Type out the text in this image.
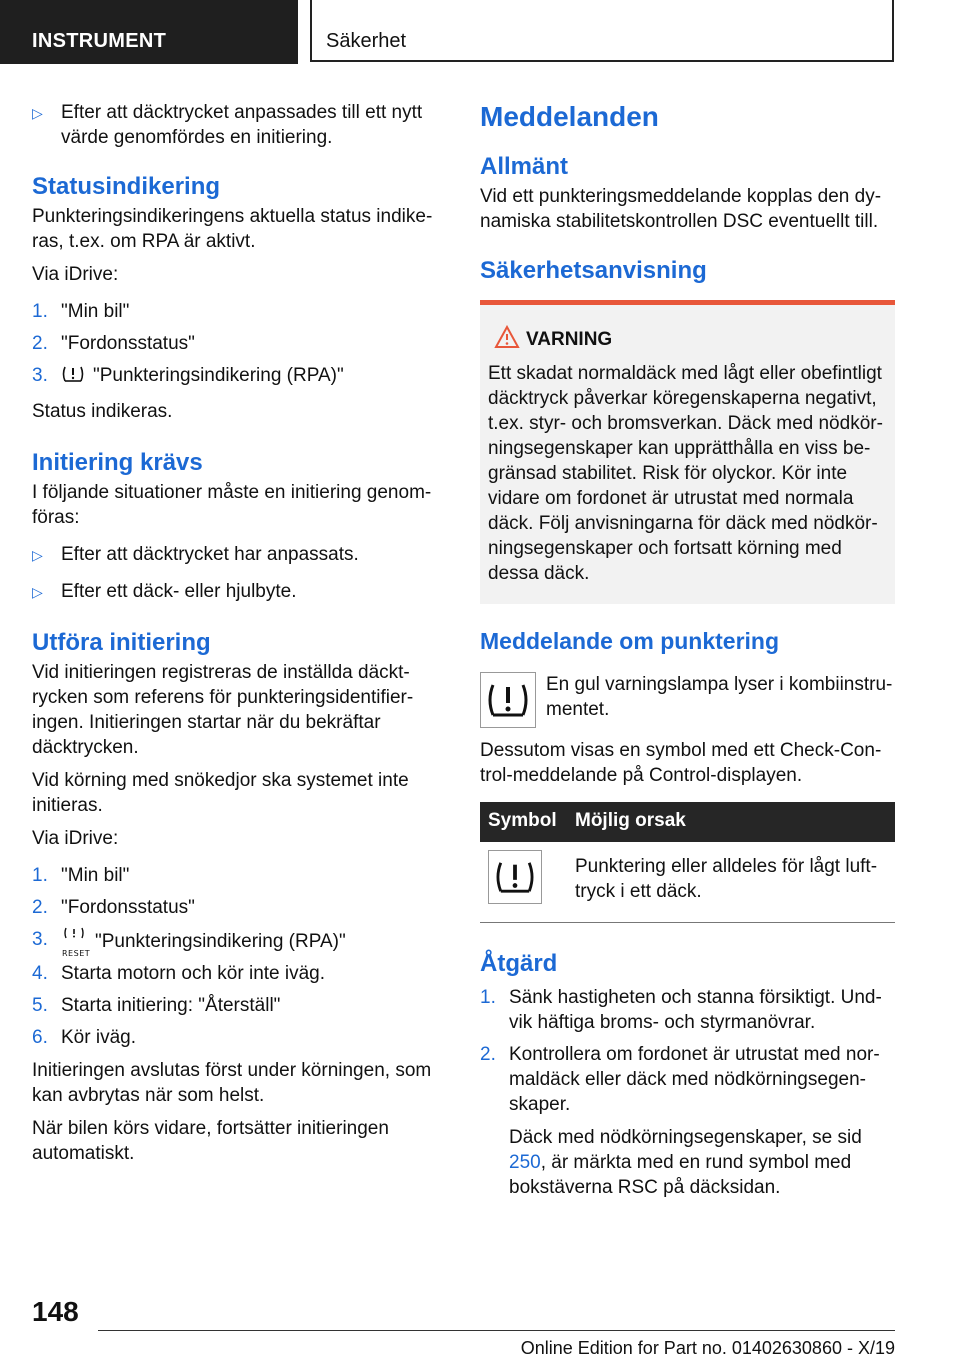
INSTRUMENT	Säkerhet
▷ Efter att däcktrycket anpassades till ett nytt värde genomfördes en initiering.
Statusindikering

Punkteringsindikeringens aktuella status indikeras, t.ex. om RPA är aktivt.

Via iDrive:

1. "Min bil"
2. "Fordonsstatus"
3. "Punkteringsindikering (RPA)"

Status indikeras.

Initiering krävs

I följande situationer måste en initiering genomföras:

▷ Efter att däcktrycket har anpassats.
▷ Efter ett däck- eller hjulbyte.
Utföra initiering

Vid initieringen registreras de inställda däcktrycken som referens för punkteringsidentifieringen. Initieringen startar när du bekräftar däcktrycken.

Vid körning med snökedjor ska systemet inte initieras.

Via iDrive:

1. "Min bil"
2. "Fordonsstatus"
3.
RESET
"Punkteringsindikering (RPA)"
4. Starta motorn och kör inte iväg.
5. Starta initiering: "Återställ"
6. Kör iväg.

Initieringen avslutas först under körningen, som kan avbrytas när som helst.

När bilen körs vidare, fortsätter initieringen automatiskt.

Meddelanden
Allmänt

Vid ett punkteringsmeddelande kopplas den dynamiska stabilitetskontrollen DSC eventuellt till.

Säkerhetsanvisning
VARNING

Ett skadat normaldäck med lågt eller obefintligt däcktryck påverkar köregenskaperna negativt, t.ex. styr- och bromsverkan. Däck med nödkörningsegenskaper kan upprätthålla en viss begränsad stabilitet. Risk för olyckor. Kör inte vidare om fordonet är utrustat med normala däck. Följ anvisningarna för däck med nödkörningsegenskaper och fortsatt körning med dessa däck.

Meddelande om punktering

En gul varningslampa lyser i kombiinstrumentet.

Dessutom visas en symbol med ett Check-Control-meddelande på Control-displayen.

Symbol	Möjlig orsak

	Punktering eller alldeles för lågt lufttryck i ett däck.
Åtgärd
1. Sänk hastigheten och stanna försiktigt. Undvik häftiga broms- och styrmanövrar.
2. Kontrollera om fordonet är utrustat med normaldäck eller däck med nödkörningsegenskaper.

Däck med nödkörningsegenskaper, se sid 250, är märkta med en rund symbol med bokstäverna RSC på däcksidan.

148
Online Edition for Part no. 01402630860 - X/19
